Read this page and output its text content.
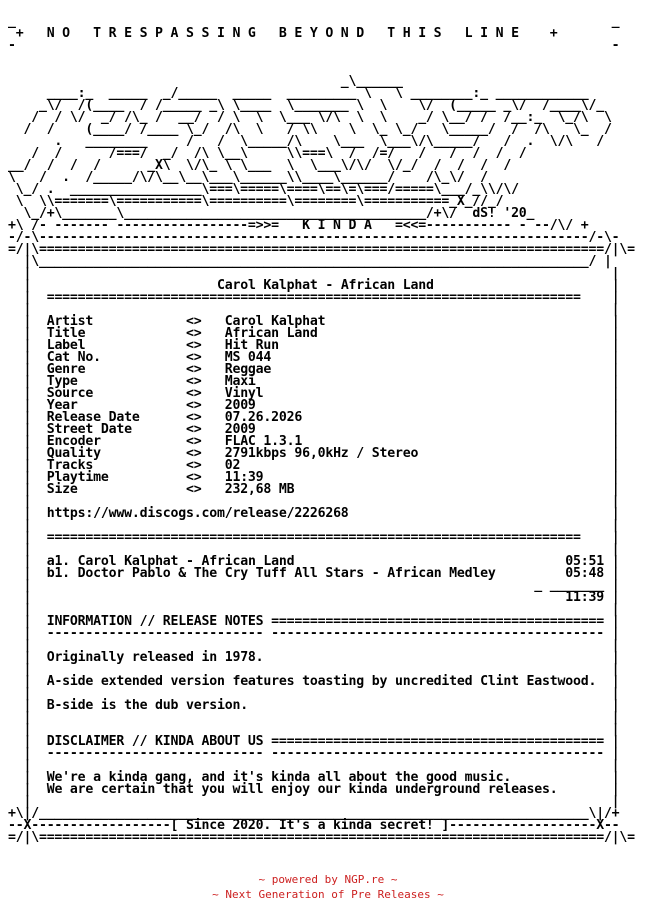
_                                                                             _
+   N O   T R E S P A S S I N G   B E Y O N D   T H I S   L I N E    +
-                                                                             -
_\______
____:_  _____  _/_____  _____  _________ \   \ ________:_ ____________
_\/  /(____  / /_____ _\ \____  \_______ \  \    \/  (_____ _\/  /____\/_
/  / \/  _/ /\_ /  __/  / \  \  \___ \/\  \  \    _/ \__/ /  /__:_  \_/\  \
/  /    (____/ /____ \_/  /\  \   / \\    \  \_ \_/   \_____/  /  /\   \_  /
.   ________     /   /  \_____/\    \___  \___\/\_____/   /  .  \/\   /
/  /      /===/  _/  /\ \__\     \\===\  /  /=/   /   /  /  /  /
__/  /  /  /      _X\  \/\_ \ \___  \  \___\/\/  \/_/  /  /  /  /
\   /  .  /_____/\/\__\__\___\______\\____\______/    /\_\/  /
\_/ .  _________________\===\=====\====\==\=\===/=====\___/_\\/\/
\  \\=======\===========\==========\========\===========_X_//_/
\_/+\_______\_______________________________________/+\/  dS! '20_
+\ /- ------- -----------------=>>=   K I N D A   =<<=----------- - --/\/ +
-/-\-----------------------------------------------------------------------/-\-
=/|\=========================================================================/|\=
|\_______________________________________________________________________/ |
|                                                                           |
|	Carol Kalphat - African Land	|
|  =====================================================================    |
|                                                                           |
|  Artist            <> Carol Kalphat	|
|  Title             <> African Land	|
|  Label             <> Hit Run	|
|  Cat No.           <> MS 044	|
|  Genre             <> Reggae	|
|  Type              <> Maxi	|
|  Source            <> Vinyl	|
|  Year              <> 2009	|
|  Release Date      <> 07.26.2026	|
|  Street Date       <> 2009	|
|  Encoder           <> FLAC 1.3.1	|
|  Quality           <> 2791kbps 96,0kHz / Stereo	|
|  Tracks            <> 02	|
|  Playtime          <> 11:39	|
|  Size              <> 232,68 MB	|
|                                                                           |
|  https://www.discogs.com/release/2226268	|
|                                                                           |
|  =====================================================================    |
|                                                                           |
|  a1. Carol Kalphat - African Land	05:51 |
|  b1. Doctor Pablo & The Cry Tuff All Stars - African Medley	05:48 |
|	_ _______ |
|	11:39 |
|                                                                           |
|  INFORMATION // RELEASE NOTES =========================================== |
|  ---------------------------- ------------------------------------------- |
|                                                                           |
|  Originally released in 1978.	|
|                                                                           |
|  A-side extended version features toasting by uncredited Clint Eastwood.  |
|                                                                           |
|  B-side is the dub version.	|
|                                                                           |
|                                                                           |
|  DISCLAIMER // KINDA ABOUT US =========================================== |
|  ---------------------------- ------------------------------------------- |
|                                                                           |
|  We're a kinda gang, and it's kinda all about the good music.	|
|  We are certain that you will enjoy our kinda underground releases.	|
|                                                                           |
+\|/_______________________________________________________________________\|/+
--X------------------[ Since 2020. It's a kinda secret! ]-------------------X--
=/|\=========================================================================/|\=
~ powered by NGP.re ~
~ Next Generation of Pre Releases ~
